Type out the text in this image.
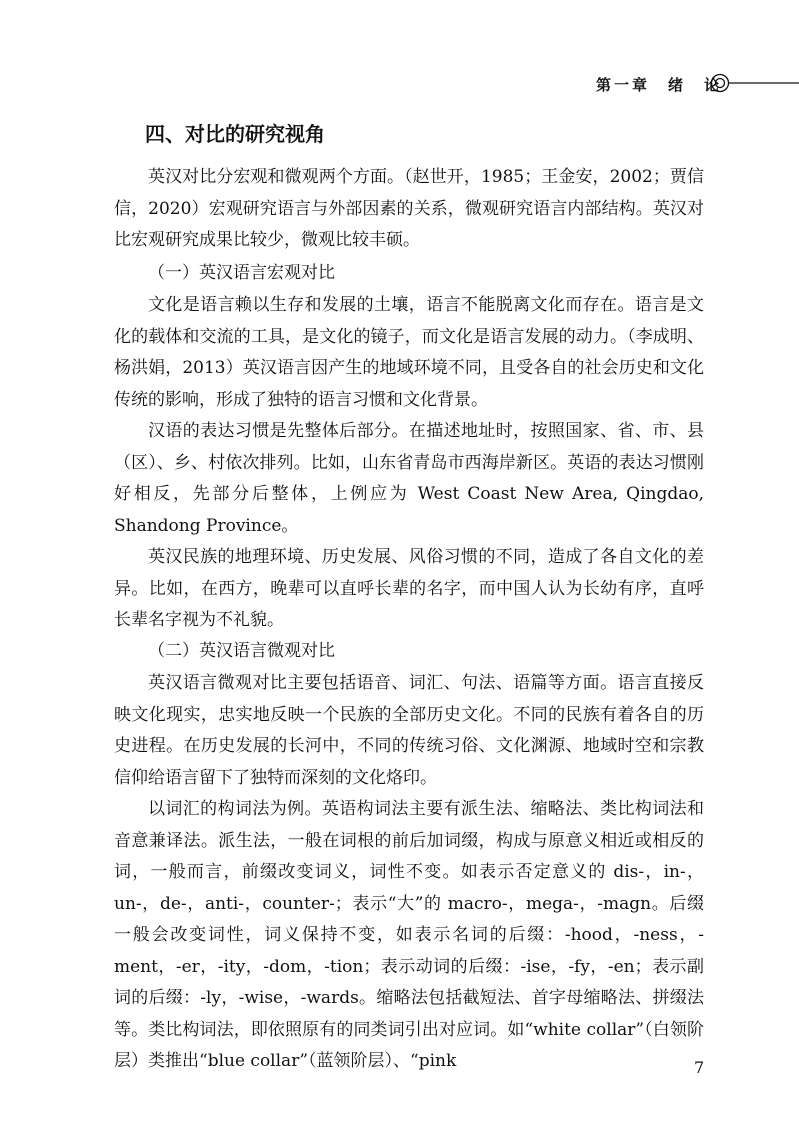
第一章　绪　论
四、对比的研究视角
英汉对比分宏观和微观两个方面。（赵世开，1985；王金安，2002；贾信信，2020）宏观研究语言与外部因素的关系，微观研究语言内部结构。英汉对比宏观研究成果比较少，微观比较丰硕。
（一）英汉语言宏观对比
文化是语言赖以生存和发展的土壤，语言不能脱离文化而存在。语言是文化的载体和交流的工具，是文化的镜子，而文化是语言发展的动力。（李成明、杨洪娟，2013）英汉语言因产生的地域环境不同，且受各自的社会历史和文化传统的影响，形成了独特的语言习惯和文化背景。
汉语的表达习惯是先整体后部分。在描述地址时，按照国家、省、市、县（区）、乡、村依次排列。比如，山东省青岛市西海岸新区。英语的表达习惯刚好相反，先部分后整体，上例应为 West Coast New Area, Qingdao, Shandong Province。
英汉民族的地理环境、历史发展、风俗习惯的不同，造成了各自文化的差异。比如，在西方，晚辈可以直呼长辈的名字，而中国人认为长幼有序，直呼长辈名字视为不礼貌。
（二）英汉语言微观对比
英汉语言微观对比主要包括语音、词汇、句法、语篇等方面。语言直接反映文化现实，忠实地反映一个民族的全部历史文化。不同的民族有着各自的历史进程。在历史发展的长河中，不同的传统习俗、文化渊源、地域时空和宗教信仰给语言留下了独特而深刻的文化烙印。
以词汇的构词法为例。英语构词法主要有派生法、缩略法、类比构词法和音意兼译法。派生法，一般在词根的前后加词缀，构成与原意义相近或相反的词，一般而言，前缀改变词义，词性不变。如表示否定意义的 dis-，in-，un-，de-，anti-，counter-；表示“大”的 macro-，mega-，-magn。后缀一般会改变词性，词义保持不变，如表示名词的后缀：-hood，-ness，-ment，-er，-ity，-dom，-tion；表示动词的后缀：-ise，-fy，-en；表示副词的后缀：-ly，-wise，-wards。缩略法包括截短法、首字母缩略法、拼缀法等。类比构词法，即依照原有的同类词引出对应词。如“white collar”（白领阶层）类推出“blue collar”（蓝领阶层）、“pink	7
